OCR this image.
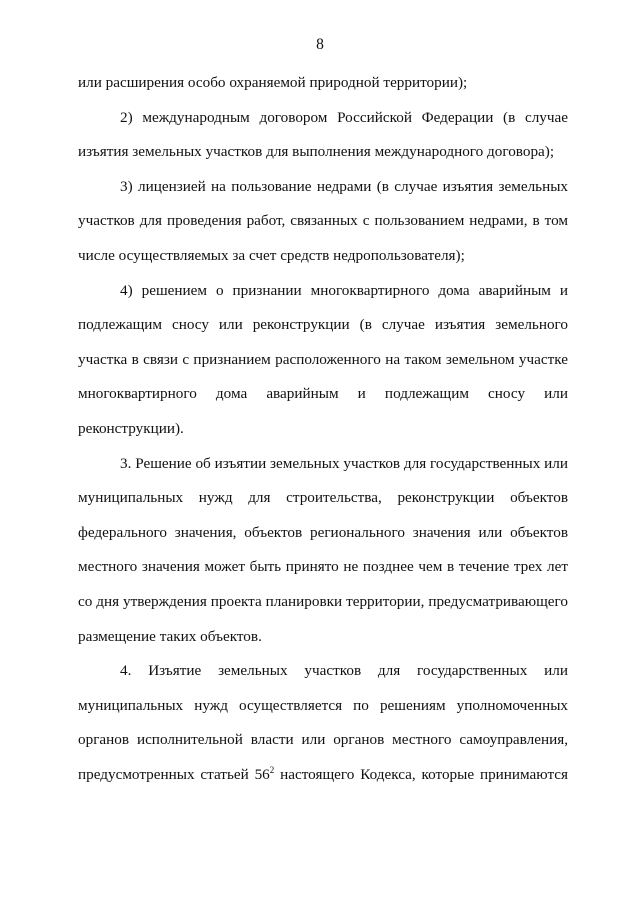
8
или расширения особо охраняемой природной территории);
2) международным договором Российской Федерации (в случае
изъятия земельных участков для выполнения международного договора);
3) лицензией на пользование недрами (в случае изъятия земельных
участков для проведения работ, связанных с пользованием недрами, в том
числе осуществляемых за счет средств недропользователя);
4) решением о признании многоквартирного дома аварийным и
подлежащим сносу или реконструкции (в случае изъятия земельного
участка в связи с признанием расположенного на таком земельном участке
многоквартирного дома аварийным и подлежащим сносу или
реконструкции).
3. Решение об изъятии земельных участков для государственных или
муниципальных нужд для строительства, реконструкции объектов
федерального значения, объектов регионального значения или объектов
местного значения может быть принято не позднее чем в течение трех лет
со дня утверждения проекта планировки территории, предусматривающего
размещение таких объектов.
4. Изъятие земельных участков для государственных или
муниципальных нужд осуществляется по решениям уполномоченных
органов исполнительной власти или органов местного самоуправления,
предусмотренных статьей $56^2$ настоящего Кодекса, которые принимаются
